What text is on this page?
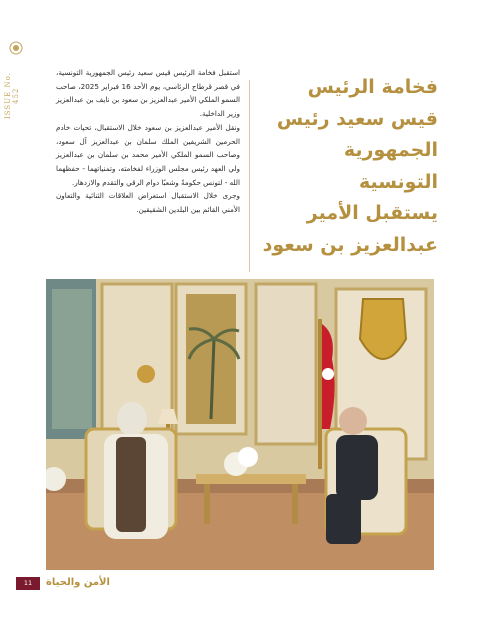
ISSUE No. 452

استقبل فخامة الرئيس قيس سعيد رئيس الجمهورية التونسية، في قصر قرطاج الرئاسي، يوم الأحد 16 فبراير 2025، صاحب السمو الملكي الأمير عبدالعزيز بن سعود بن نايف بن عبدالعزيز وزير الداخلية.

ونقل الأمير عبدالعزيز بن سعود خلال الاستقبال، تحيات خادم الحرمين الشريفين الملك سلمان بن عبدالعزيز آل سعود، وصاحب السمو الملكي الأمير محمد بن سلمان بن عبدالعزيز ولي العهد رئيس مجلس الوزراء لفخامته، وتمنياتهما - حفظهما الله - لتونس حكومةً وشعبًا دوام الرقي والتقدم والازدهار.

وجرى خلال الاستقبال استعراض العلاقات الثنائية والتعاون الأمني القائم بين البلدين الشقيقين.

فخامة الرئيس
قيس سعيد رئيس
الجمهورية التونسية
يستقبل الأمير
عبدالعزيز بن سعود
11	الأمن والحياة
